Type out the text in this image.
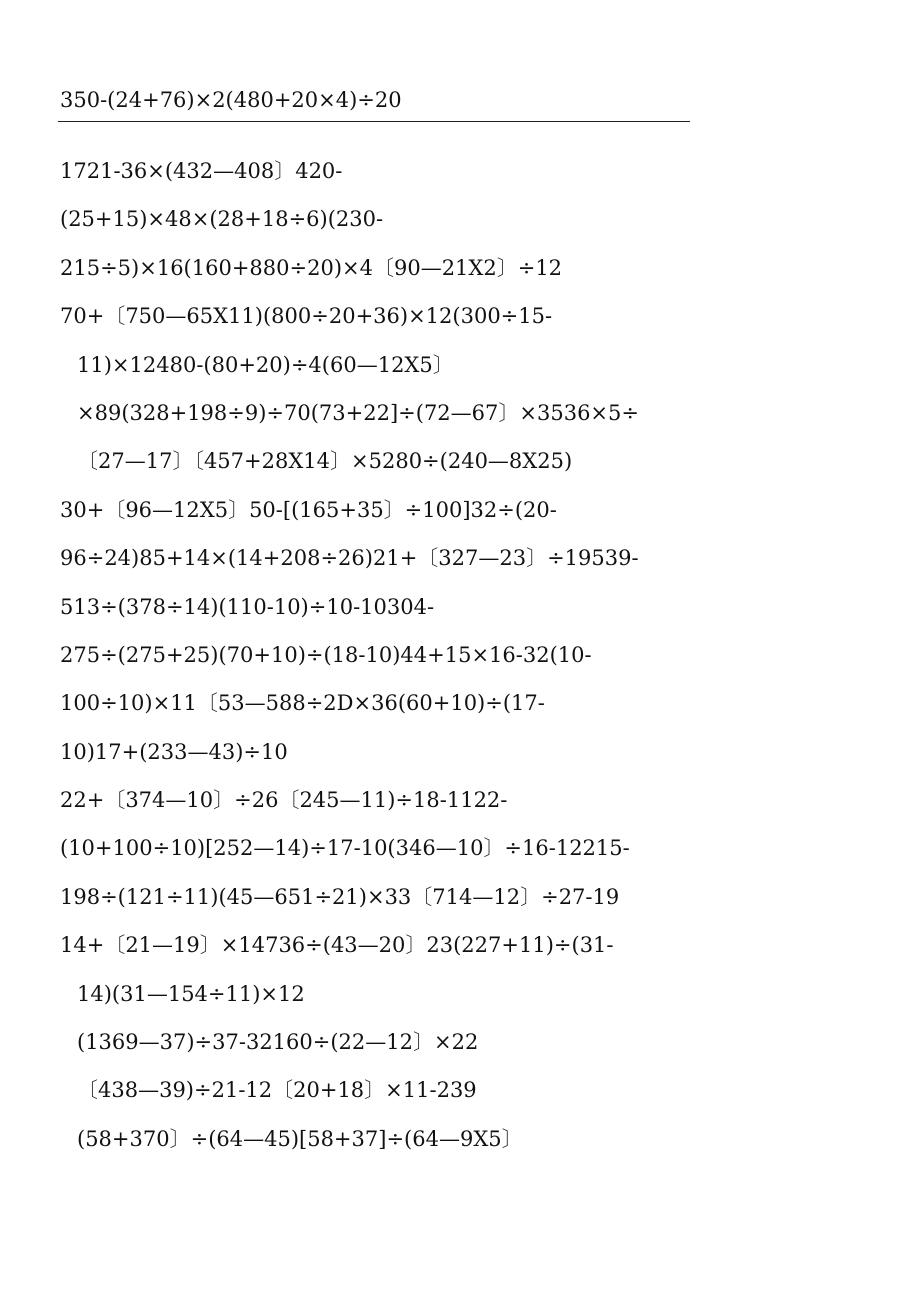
350-(24+76)×2(480+20×4)÷20
1721-36×(432—408〕420-
(25+15)×48×(28+18÷6)(230-
215÷5)×16(160+880÷20)×4〔90—21X2〕÷12
70+〔750—65X11)(800÷20+36)×12(300÷15-
11)×12480-(80+20)÷4(60—12X5〕
×89(328+198÷9)÷70(73+22]÷(72—67〕×3536×5÷
〔27—17〕〔457+28X14〕×5280÷(240—8X25)
30+〔96—12X5〕50-[(165+35〕÷100]32÷(20-
96÷24)85+14×(14+208÷26)21+〔327—23〕÷19539-
513÷(378÷14)(110-10)÷10-10304-
275÷(275+25)(70+10)÷(18-10)44+15×16-32(10-
100÷10)×11〔53—588÷2D×36(60+10)÷(17-
10)17+(233—43)÷10
22+〔374—10〕÷26〔245—11)÷18-1122-
(10+100÷10)[252—14)÷17-10(346—10〕÷16-12215-
198÷(121÷11)(45—651÷21)×33〔714—12〕÷27-19
14+〔21—19〕×14736÷(43—20〕23(227+11)÷(31-
14)(31—154÷11)×12
(1369—37)÷37-32160÷(22—12〕×22
〔438—39)÷21-12〔20+18〕×11-239
(58+370〕÷(64—45)[58+37]÷(64—9X5〕
